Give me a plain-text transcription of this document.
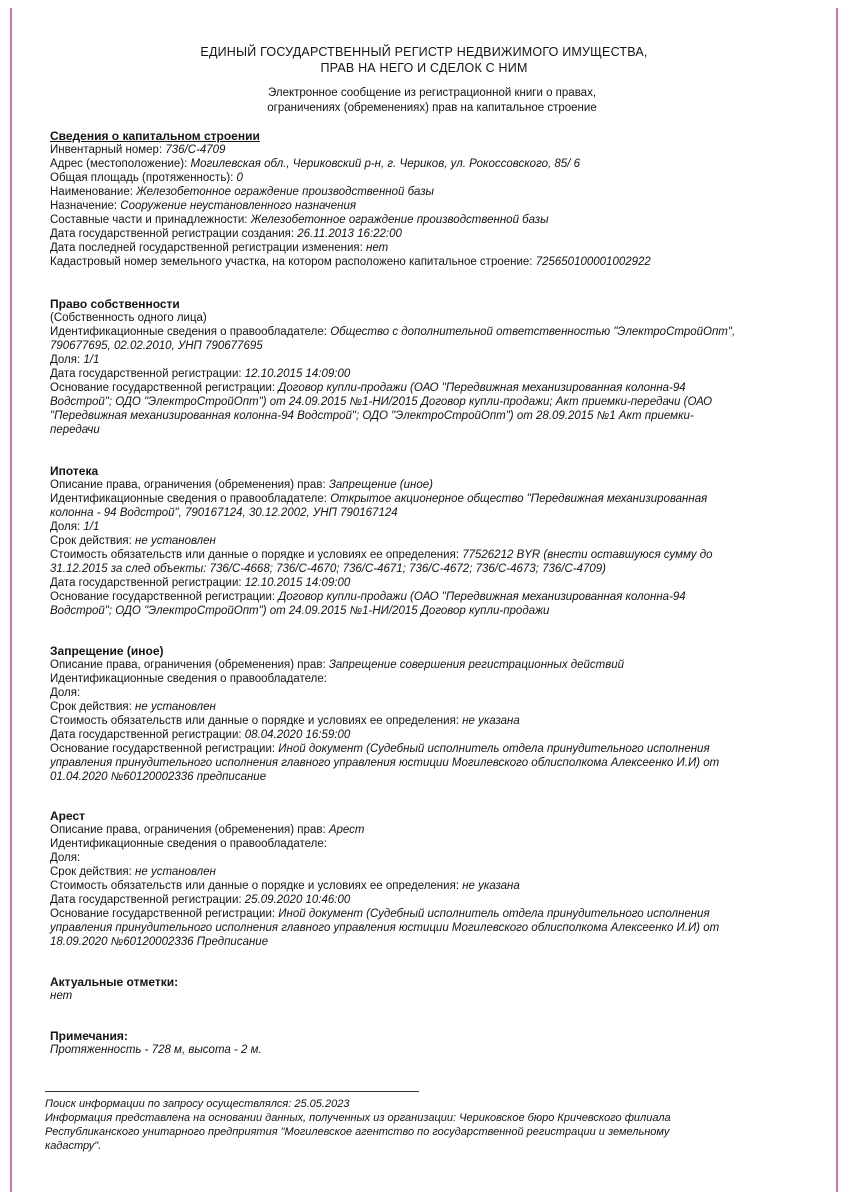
ЕДИНЫЙ ГОСУДАРСТВЕННЫЙ РЕГИСТР НЕДВИЖИМОГО ИМУЩЕСТВА,
ПРАВ НА НЕГО И СДЕЛОК С НИМ
Электронное сообщение из регистрационной книги о правах,
ограничениях (обременениях) прав на капитальное строение
Сведения о капитальном строении
Инвентарный номер: 736/С-4709
Адрес (местоположение): Могилевская обл., Чериковский р-н, г. Чериков, ул. Рокоссовского, 85/ 6
Общая площадь (протяженность): 0
Наименование: Железобетонное ограждение производственной базы
Назначение: Сооружение неустановленного назначения
Составные части и принадлежности: Железобетонное ограждение производственной базы
Дата государственной регистрации создания: 26.11.2013 16:22:00
Дата последней государственной регистрации изменения: нет
Кадастровый номер земельного участка, на котором расположено капитальное строение: 725650100001002922
Право собственности
(Собственность одного лица)
Идентификационные сведения о правообладателе: Общество с дополнительной ответственностью "ЭлектроСтройОпт",
790677695, 02.02.2010, УНП 790677695
Доля: 1/1
Дата государственной регистрации: 12.10.2015 14:09:00
Основание государственной регистрации: Договор купли-продажи (ОАО "Передвижная механизированная колонна-94
Водстрой"; ОДО "ЭлектроСтройОпт") от 24.09.2015 №1-НИ/2015 Договор купли-продажи; Акт приемки-передачи (ОАО
"Передвижная механизированная колонна-94 Водстрой"; ОДО "ЭлектроСтройОпт") от 28.09.2015 №1 Акт приемки-
передачи
Ипотека
Описание права, ограничения (обременения) прав: Запрещение (иное)
Идентификационные сведения о правообладателе: Открытое акционерное общество "Передвижная механизированная
колонна - 94 Водстрой", 790167124, 30.12.2002, УНП 790167124
Доля: 1/1
Срок действия: не установлен
Стоимость обязательств или данные о порядке и условиях ее определения: 77526212 BYR (внести оставшуюся сумму до
31.12.2015 за след объекты: 736/С-4668; 736/С-4670; 736/С-4671; 736/С-4672; 736/С-4673; 736/С-4709)
Дата государственной регистрации: 12.10.2015 14:09:00
Основание государственной регистрации: Договор купли-продажи (ОАО "Передвижная механизированная колонна-94
Водстрой"; ОДО "ЭлектроСтройОпт") от 24.09.2015 №1-НИ/2015 Договор купли-продажи
Запрещение (иное)
Описание права, ограничения (обременения) прав: Запрещение совершения регистрационных действий
Идентификационные сведения о правообладателе:
Доля:
Срок действия: не установлен
Стоимость обязательств или данные о порядке и условиях ее определения: не указана
Дата государственной регистрации: 08.04.2020 16:59:00
Основание государственной регистрации: Иной документ (Судебный исполнитель отдела принудительного исполнения
управления принудительного исполнения главного управления юстиции Могилевского облисполкома Алексеенко И.И) от
01.04.2020 №60120002336 предписание
Арест
Описание права, ограничения (обременения) прав: Арест
Идентификационные сведения о правообладателе:
Доля:
Срок действия: не установлен
Стоимость обязательств или данные о порядке и условиях ее определения: не указана
Дата государственной регистрации: 25.09.2020 10:46:00
Основание государственной регистрации: Иной документ (Судебный исполнитель отдела принудительного исполнения
управления принудительного исполнения главного управления юстиции Могилевского облисполкома Алексеенко И.И) от
18.09.2020 №60120002336 Предписание
Актуальные отметки:
нет
Примечания:
Протяженность - 728 м, высота - 2 м.
Поиск информации по запросу осуществлялся: 25.05.2023
Информация представлена на основании данных, полученных из организации: Чериковское бюро Кричевского филиала
Республиканского унитарного предприятия "Могилевское агентство по государственной регистрации и земельному
кадастру".
